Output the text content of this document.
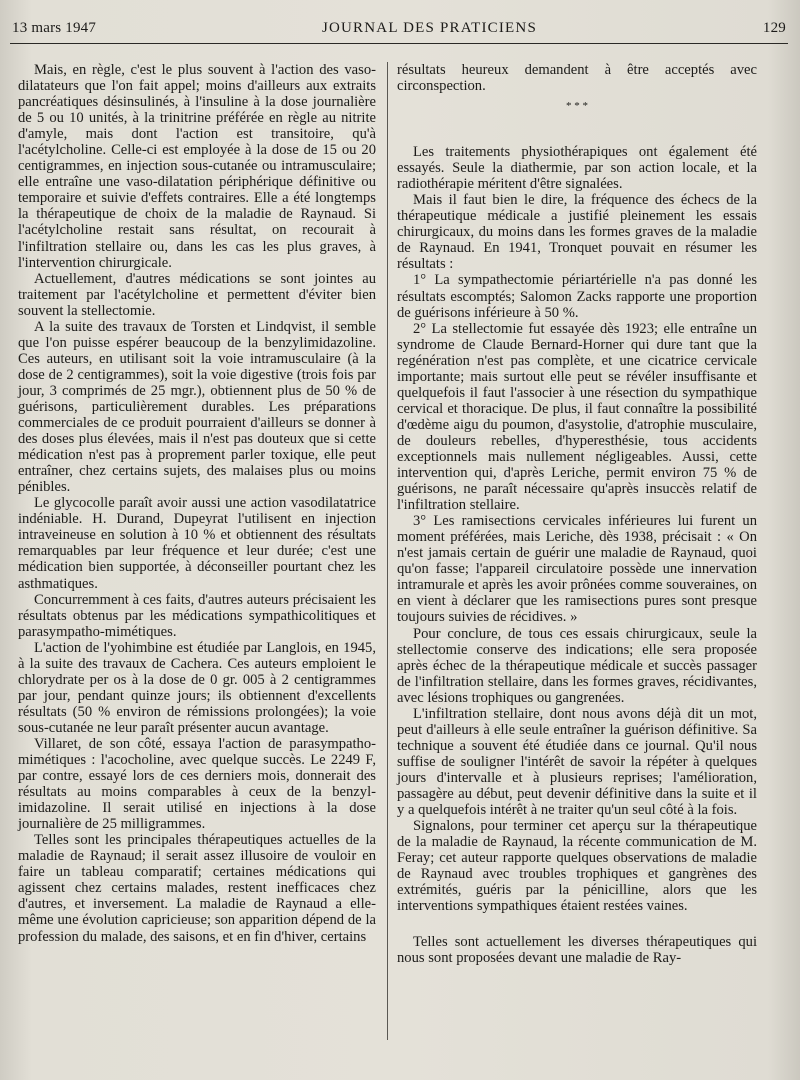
13 mars 1947	JOURNAL DES PRATICIENS	129

Mais, en règle, c'est le plus souvent à l'action des vaso-dilatateurs que l'on fait appel; moins d'ailleurs aux extraits pancréatiques désinsulinés, à l'insuline à la dose journalière de 5 ou 10 unités, à la trinitrine préférée en règle au nitrite d'amyle, mais dont l'action est transitoire, qu'à l'acétylcholine. Celle-ci est employée à la dose de 15 ou 20 centigrammes, en injection sous-cutanée ou intramusculaire; elle entraîne une vaso-dilatation périphérique définitive ou temporaire et suivie d'effets contraires. Elle a été longtemps la thérapeutique de choix de la maladie de Raynaud. Si l'acétylcholine restait sans résultat, on recourait à l'infiltration stellaire ou, dans les cas les plus graves, à l'intervention chirurgicale.

Actuellement, d'autres médications se sont jointes au traitement par l'acétylcholine et permettent d'éviter bien souvent la stellectomie.

A la suite des travaux de Torsten et Lindqvist, il semble que l'on puisse espérer beaucoup de la benzylimidazoline. Ces auteurs, en utilisant soit la voie intramusculaire (à la dose de 2 centigrammes), soit la voie digestive (trois fois par jour, 3 comprimés de 25 mgr.), obtiennent plus de 50 % de guérisons, particulièrement durables. Les préparations commerciales de ce produit pourraient d'ailleurs se donner à des doses plus élevées, mais il n'est pas douteux que si cette médication n'est pas à proprement parler toxique, elle peut entraîner, chez certains sujets, des malaises plus ou moins pénibles.

Le glycocolle paraît avoir aussi une action vasodilatatrice indéniable. H. Durand, Dupeyrat l'utilisent en injection intraveineuse en solution à 10 % et obtiennent des résultats remarquables par leur fréquence et leur durée; c'est une médication bien supportée, à déconseiller pourtant chez les asthmatiques.

Concurremment à ces faits, d'autres auteurs précisaient les résultats obtenus par les médications sympathicolitiques et parasympatho-mimétiques.

L'action de l'yohimbine est étudiée par Langlois, en 1945, à la suite des travaux de Cachera. Ces auteurs emploient le chlorydrate per os à la dose de 0 gr. 005 à 2 centigrammes par jour, pendant quinze jours; ils obtiennent d'excellents résultats (50 % environ de rémissions prolongées); la voie sous-cutanée ne leur paraît présenter aucun avantage.

Villaret, de son côté, essaya l'action de parasympatho-mimétiques : l'acocholine, avec quelque succès. Le 2249 F, par contre, essayé lors de ces derniers mois, donnerait des résultats au moins comparables à ceux de la benzyl-imidazoline. Il serait utilisé en injections à la dose journalière de 25 milligrammes.

Telles sont les principales thérapeutiques actuelles de la maladie de Raynaud; il serait assez illusoire de vouloir en faire un tableau comparatif; certaines médications qui agissent chez certains malades, restent inefficaces chez d'autres, et inversement. La maladie de Raynaud a elle-même une évolution capricieuse; son apparition dépend de la profession du malade, des saisons, et en fin d'hiver, certains

résultats heureux demandent à être acceptés avec circonspection.

* * *

Les traitements physiothérapiques ont également été essayés. Seule la diathermie, par son action locale, et la radiothérapie méritent d'être signalées.

Mais il faut bien le dire, la fréquence des échecs de la thérapeutique médicale a justifié pleinement les essais chirurgicaux, du moins dans les formes graves de la maladie de Raynaud. En 1941, Tronquet pouvait en résumer les résultats :

1° La sympathectomie périartérielle n'a pas donné les résultats escomptés; Salomon Zacks rapporte une proportion de guérisons inférieure à 50 %.

2° La stellectomie fut essayée dès 1923; elle entraîne un syndrome de Claude Bernard-Horner qui dure tant que la regénération n'est pas complète, et une cicatrice cervicale importante; mais surtout elle peut se révéler insuffisante et quelquefois il faut l'associer à une résection du sympathique cervical et thoracique. De plus, il faut connaître la possibilité d'œdème aigu du poumon, d'asystolie, d'atrophie musculaire, de douleurs rebelles, d'hyperesthésie, tous accidents exceptionnels mais nullement négligeables. Aussi, cette intervention qui, d'après Leriche, permit environ 75 % de guérisons, ne paraît nécessaire qu'après insuccès relatif de l'infiltration stellaire.

3° Les ramisections cervicales inférieures lui furent un moment préférées, mais Leriche, dès 1938, précisait : « On n'est jamais certain de guérir une maladie de Raynaud, quoi qu'on fasse; l'appareil circulatoire possède une innervation intramurale et après les avoir prônées comme souveraines, on en vient à déclarer que les ramisections pures sont presque toujours suivies de récidives. »

Pour conclure, de tous ces essais chirurgicaux, seule la stellectomie conserve des indications; elle sera proposée après échec de la thérapeutique médicale et succès passager de l'infiltration stellaire, dans les formes graves, récidivantes, avec lésions trophiques ou gangrenées.

L'infiltration stellaire, dont nous avons déjà dit un mot, peut d'ailleurs à elle seule entraîner la guérison définitive. Sa technique a souvent été étudiée dans ce journal. Qu'il nous suffise de souligner l'intérêt de savoir la répéter à quelques jours d'intervalle et à plusieurs reprises; l'amélioration, passagère au début, peut devenir définitive dans la suite et il y a quelquefois intérêt à ne traiter qu'un seul côté à la fois.

Signalons, pour terminer cet aperçu sur la thérapeutique de la maladie de Raynaud, la récente communication de M. Feray; cet auteur rapporte quelques observations de maladie de Raynaud avec troubles trophiques et gangrènes des extrémités, guéris par la pénicilline, alors que les interventions sympathiques étaient restées vaines.

Telles sont actuellement les diverses thérapeutiques qui nous sont proposées devant une maladie de Ray-
